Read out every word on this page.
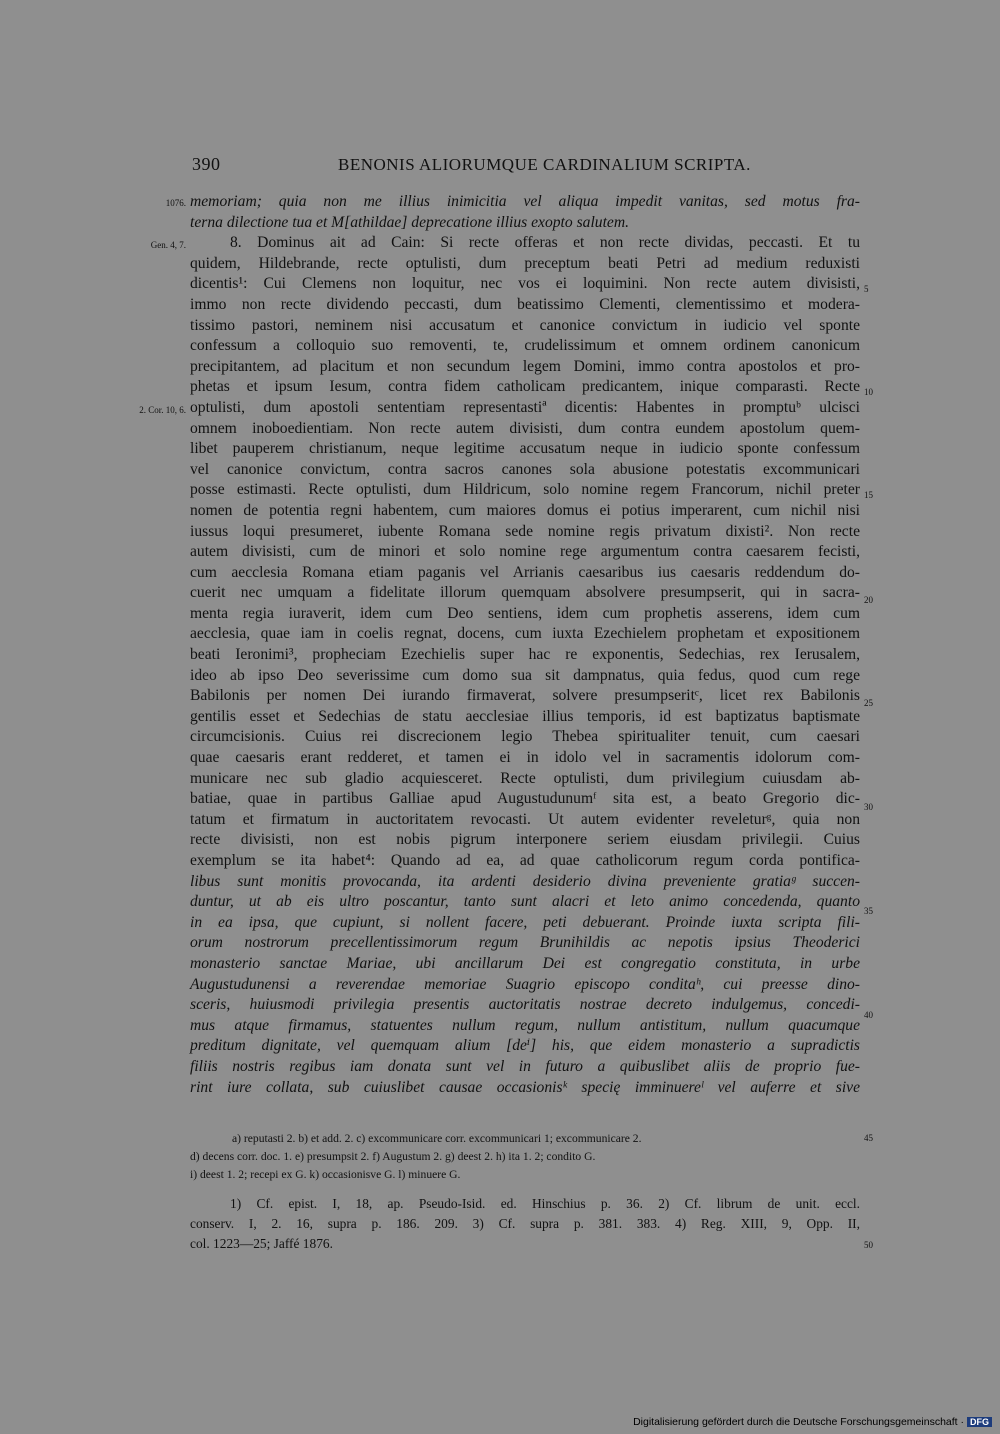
390	BENONIS ALIORUMQUE CARDINALIUM SCRIPTA.
1076.
Gen. 4, 7.
2. Cor. 10, 6.
5
10
15
20
25
30
35
40
45
50
memoriam; quia non me illius inimicitia vel aliqua impedit vanitas, sed motus fra-
terna dilectione tua et M[athildae] deprecatione illius exopto salutem.
8. Dominus ait ad Cain: Si recte offeras et non recte dividas, peccasti. Et tu
quidem, Hildebrande, recte optulisti, dum preceptum beati Petri ad medium reduxisti
dicentis¹: Cui Clemens non loquitur, nec vos ei loquimini. Non recte autem divisisti,
immo non recte dividendo peccasti, dum beatissimo Clementi, clementissimo et modera-
tissimo pastori, neminem nisi accusatum et canonice convictum in iudicio vel sponte
confessum a colloquio suo removenti, te, crudelissimum et omnem ordinem canonicum
precipitantem, ad placitum et non secundum legem Domini, immo contra apostolos et pro-
phetas et ipsum Iesum, contra fidem catholicam predicantem, inique comparasti. Recte
optulisti, dum apostoli sententiam representastiª dicentis: Habentes in promptuᵇ ulcisci
omnem inoboedientiam. Non recte autem divisisti, dum contra eundem apostolum quem-
libet pauperem christianum, neque legitime accusatum neque in iudicio sponte confessum
vel canonice convictum, contra sacros canones sola abusione potestatis excommunicari
posse estimasti. Recte optulisti, dum Hildricum, solo nomine regem Francorum, nichil preter
nomen de potentia regni habentem, cum maiores domus ei potius imperarent, cum nichil nisi
iussus loqui presumeret, iubente Romana sede nomine regis privatum dixisti². Non recte
autem divisisti, cum de minori et solo nomine rege argumentum contra caesarem fecisti,
cum aecclesia Romana etiam paganis vel Arrianis caesaribus ius caesaris reddendum do-
cuerit nec umquam a fidelitate illorum quemquam absolvere presumpserit, qui in sacra-
menta regia iuraverit, idem cum Deo sentiens, idem cum prophetis asserens, idem cum
aecclesia, quae iam in coelis regnat, docens, cum iuxta Ezechielem prophetam et expositionem
beati Ieronimi³, propheciam Ezechielis super hac re exponentis, Sedechias, rex Ierusalem,
ideo ab ipso Deo severissime cum domo sua sit dampnatus, quia fedus, quod cum rege
Babilonis per nomen Dei iurando firmaverat, solvere presumpseritᶜ, licet rex Babilonis
gentilis esset et Sedechias de statu aecclesiae illius temporis, id est baptizatus baptismate
circumcisionis. Cuius rei discrecionem legio Thebea spiritualiter tenuit, cum caesari
quae caesaris erant redderet, et tamen ei in idolo vel in sacramentis idolorum com-
municare nec sub gladio acquiesceret. Recte optulisti, dum privilegium cuiusdam ab-
batiae, quae in partibus Galliae apud Augustudunumᶠ sita est, a beato Gregorio dic-
tatum et firmatum in auctoritatem revocasti. Ut autem evidenter reveleturᵍ, quia non
recte divisisti, non est nobis pigrum interponere seriem eiusdam privilegii. Cuius
exemplum se ita habet⁴: Quando ad ea, ad quae catholicorum regum corda pontifica-
libus sunt monitis provocanda, ita ardenti desiderio divina preveniente gratiaᵍ succen-
duntur, ut ab eis ultro poscantur, tanto sunt alacri et leto animo concedenda, quanto
in ea ipsa, que cupiunt, si nollent facere, peti debuerant. Proinde iuxta scripta fili-
orum nostrorum precellentissimorum regum Brunihildis ac nepotis ipsius Theoderici
monasterio sanctae Mariae, ubi ancillarum Dei est congregatio constituta, in urbe
Augustudunensi a reverendae memoriae Suagrio episcopo conditaʰ, cui preesse dino-
sceris, huiusmodi privilegia presentis auctoritatis nostrae decreto indulgemus, concedi-
mus atque firmamus, statuentes nullum regum, nullum antistitum, nullum quacumque
preditum dignitate, vel quemquam alium [deⁱ] his, que eidem monasterio a supradictis
filiis nostris regibus iam donata sunt vel in futuro a quibuslibet aliis de proprio fue-
rint iure collata, sub cuiuslibet causae occasionisᵏ specię imminuereˡ vel auferre et sive
a) reputasti 2. b) et add. 2. c) excommunicare corr. excommunicari 1; excommunicare 2.
d) decens corr. doc. 1. e) presumpsit 2. f) Augustum 2. g) deest 2. h) ita 1. 2; condito G.
i) deest 1. 2; recepi ex G. k) occasionisve G. l) minuere G.
1) Cf. epist. I, 18, ap. Pseudo-Isid. ed. Hinschius p. 36. 2) Cf. librum de unit. eccl.
conserv. I, 2. 16, supra p. 186. 209. 3) Cf. supra p. 381. 383. 4) Reg. XIII, 9, Opp. II,
col. 1223—25; Jaffé 1876.
Digitalisierung gefördert durch die Deutsche Forschungsgemeinschaft · DFG
